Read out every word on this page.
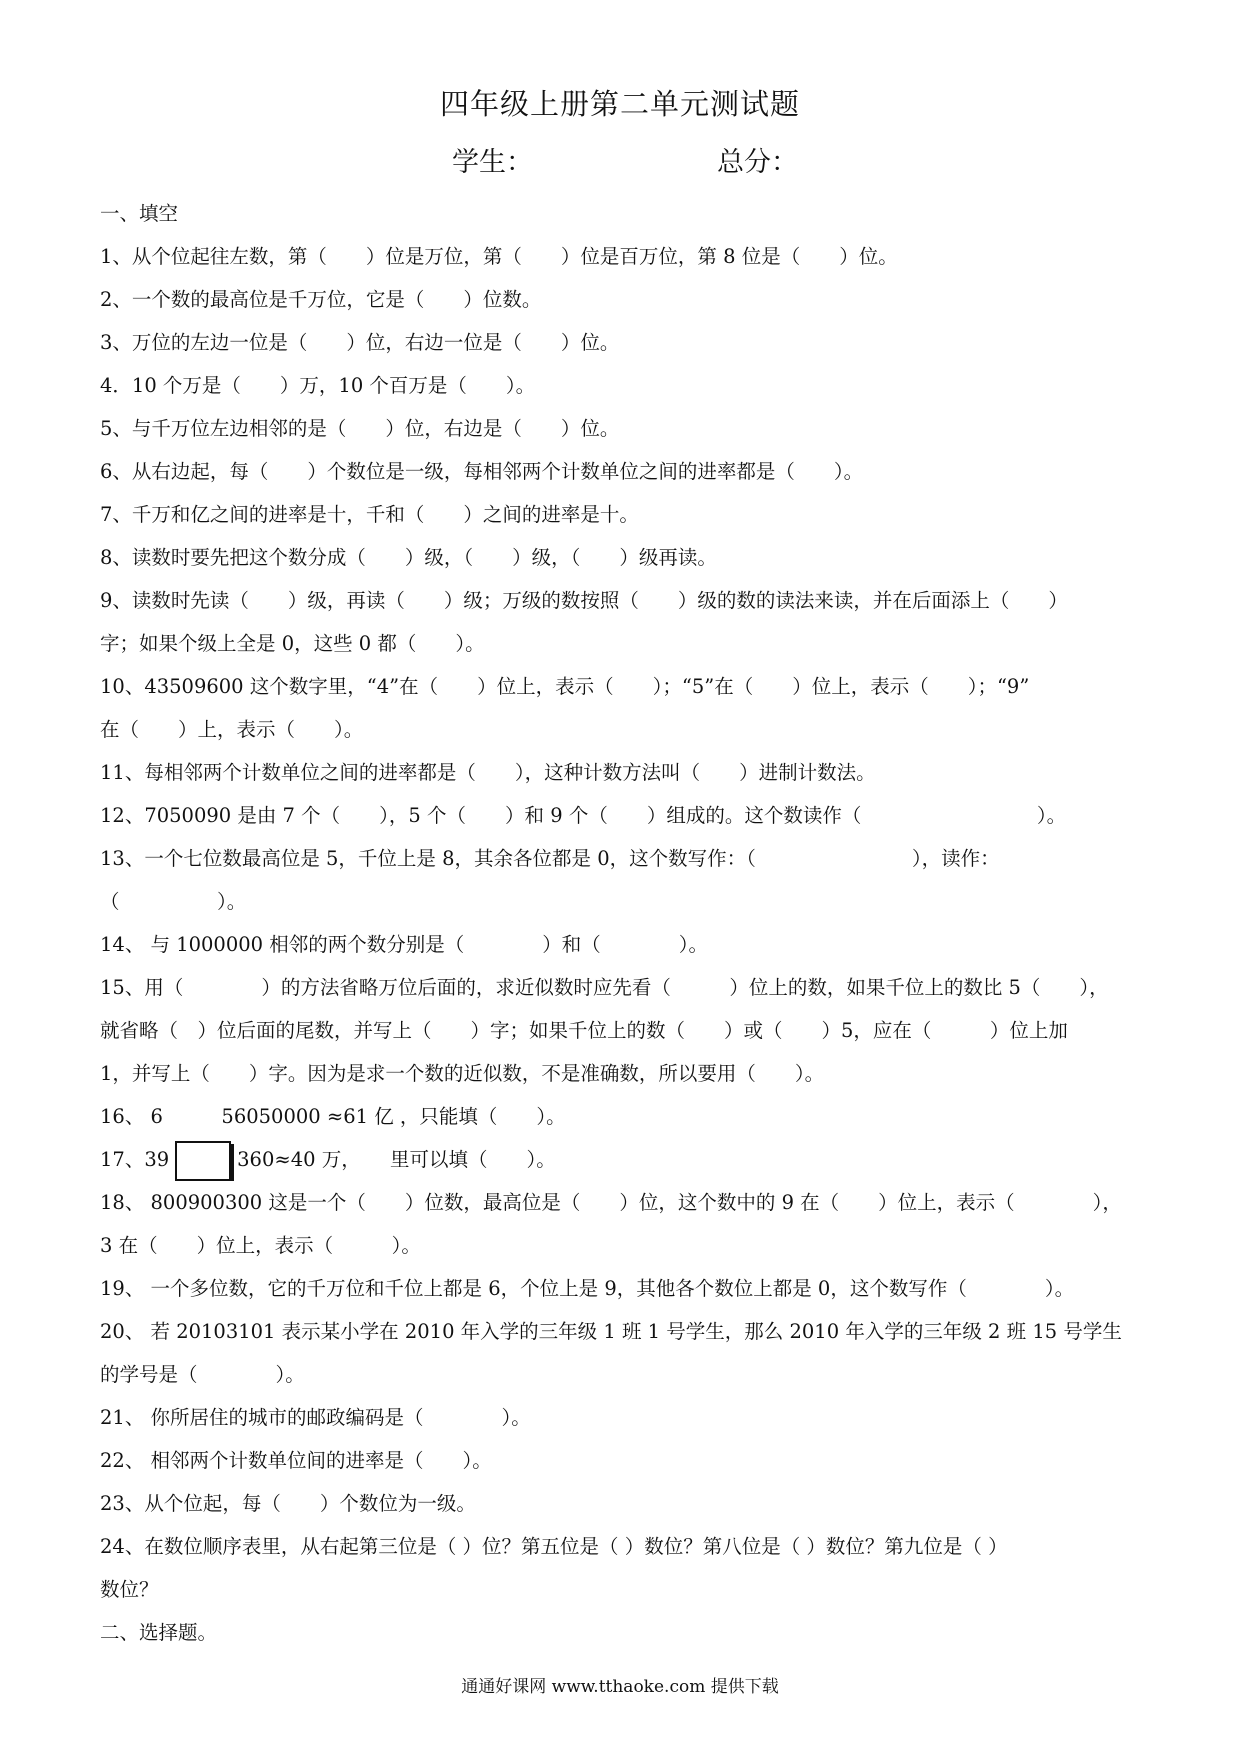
四年级上册第二单元测试题
学生：	总分：
一、填空
1、从个位起往左数，第（　　）位是万位，第（　　）位是百万位，第 8 位是（　　）位。
2、一个数的最高位是千万位，它是（　　）位数。
3、万位的左边一位是（　　）位，右边一位是（　　）位。
4．10 个万是（　　）万，10 个百万是（　　）。
5、与千万位左边相邻的是（　　）位，右边是（　　）位。
6、从右边起，每（　　）个数位是一级，每相邻两个计数单位之间的进率都是（　　）。
7、千万和亿之间的进率是十，千和（　　）之间的进率是十。
8、读数时要先把这个数分成（　　）级，（　　）级，（　　）级再读。
9、读数时先读（　　）级，再读（　　）级；万级的数按照（　　）级的数的读法来读，并在后面添上（　　）
字；如果个级上全是 0，这些 0 都（　　）。
10、43509600 这个数字里，“4”在（　　）位上，表示（　　）；“5”在（　　）位上，表示（　　）；“9”
在（　　）上，表示（　　）。
11、每相邻两个计数单位之间的进率都是（　　），这种计数方法叫（　　）进制计数法。
12、7050090 是由 7 个（　　），5 个（　　）和 9 个（　　）组成的。这个数读作（　　　　　　　　　）。
13、一个七位数最高位是 5，千位上是 8，其余各位都是 0，这个数写作：（　　　　　　　　），读作：
（　　　　　）。
14、 与 1000000 相邻的两个数分别是（　　　　）和（　　　　）。
15、用（　　　　）的方法省略万位后面的，求近似数时应先看（　　　）位上的数，如果千位上的数比 5（　　），
就省略（　）位后面的尾数，并写上（　　）字；如果千位上的数（　　）或（　　）5，应在（　　　）位上加
1，并写上（　　）字。因为是求一个数的近似数，不是准确数，所以要用（　　）。
16、 6　　　56050000 ≈61 亿 ，只能填（　　）。
17、39	360≈40 万，　　里可以填（　　）。
18、 800900300 这是一个（　　）位数，最高位是（　　）位，这个数中的 9 在（　　）位上，表示（　　　　），
3 在（　　）位上，表示（　　　）。
19、 一个多位数，它的千万位和千位上都是 6，个位上是 9，其他各个数位上都是 0，这个数写作（　　　　）。
20、 若 20103101 表示某小学在 2010 年入学的三年级 1 班 1 号学生，那么 2010 年入学的三年级 2 班 15 号学生
的学号是（　　　　）。
21、 你所居住的城市的邮政编码是（　　　　）。
22、 相邻两个计数单位间的进率是（　　）。
23、从个位起，每（　　）个数位为一级。
24、在数位顺序表里，从右起第三位是（ ）位？第五位是（ ）数位？第八位是（ ）数位？第九位是（ ）
数位？
二、选择题。
通通好课网 www.tthaoke.com 提供下载
